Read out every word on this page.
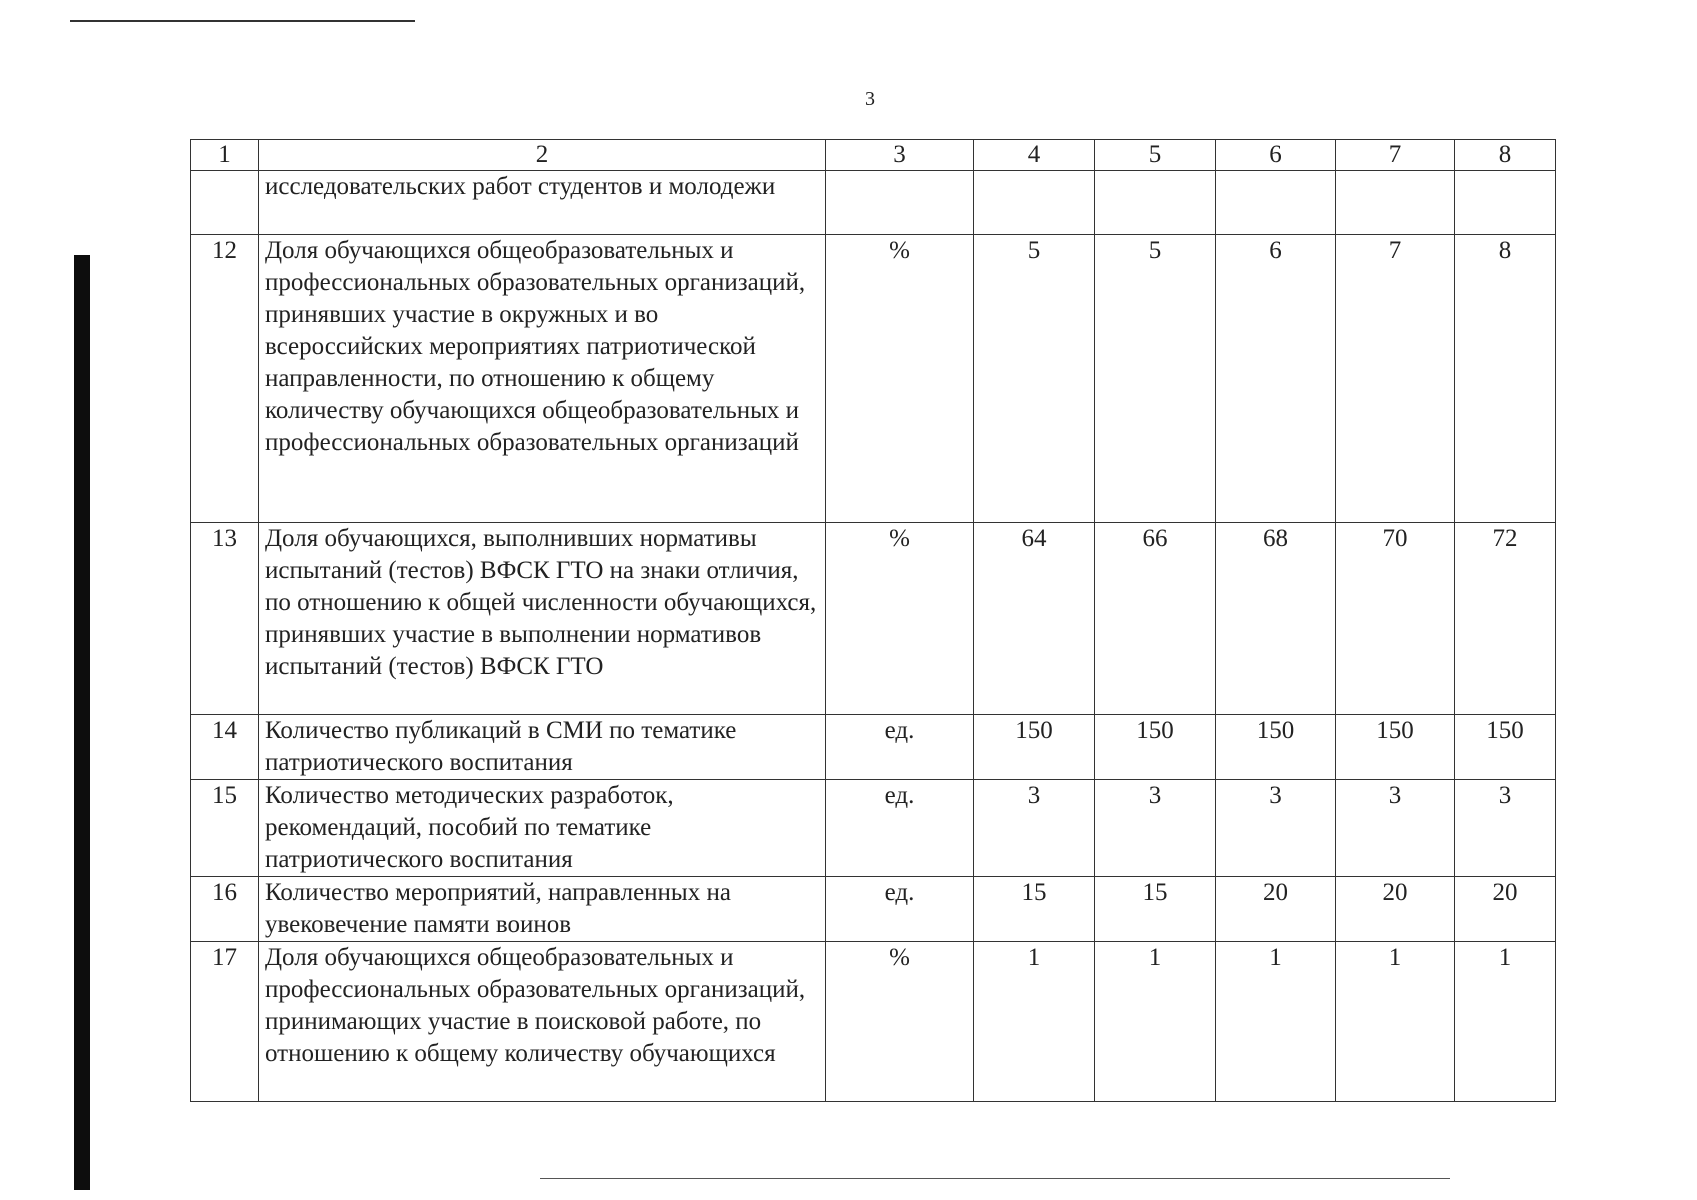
3
1	2	3	4	5	6	7	8
	исследовательских работ студентов и молодежи						
12	Доля обучающихся общеобразовательных и профессиональных образовательных организаций, принявших участие в окружных и во всероссийских мероприятиях патриотической направленности, по отношению к общему количеству обучающихся общеобразовательных и профессиональных образовательных организаций	%	5	5	6	7	8
13	Доля обучающихся, выполнивших нормативы испытаний (тестов) ВФСК ГТО на знаки отличия, по отношению к общей численности обучающихся, принявших участие в выполнении нормативов испытаний (тестов) ВФСК ГТО	%	64	66	68	70	72
14	Количество публикаций в СМИ по тематике патриотического воспитания	ед.	150	150	150	150	150
15	Количество методических разработок, рекомендаций, пособий по тематике патриотического воспитания	ед.	3	3	3	3	3
16	Количество мероприятий, направленных на увековечение памяти воинов	ед.	15	15	20	20	20
17	Доля обучающихся общеобразовательных и профессиональных образовательных организаций, принимающих участие в поисковой работе, по отношению к общему количеству обучающихся	%	1	1	1	1	1
